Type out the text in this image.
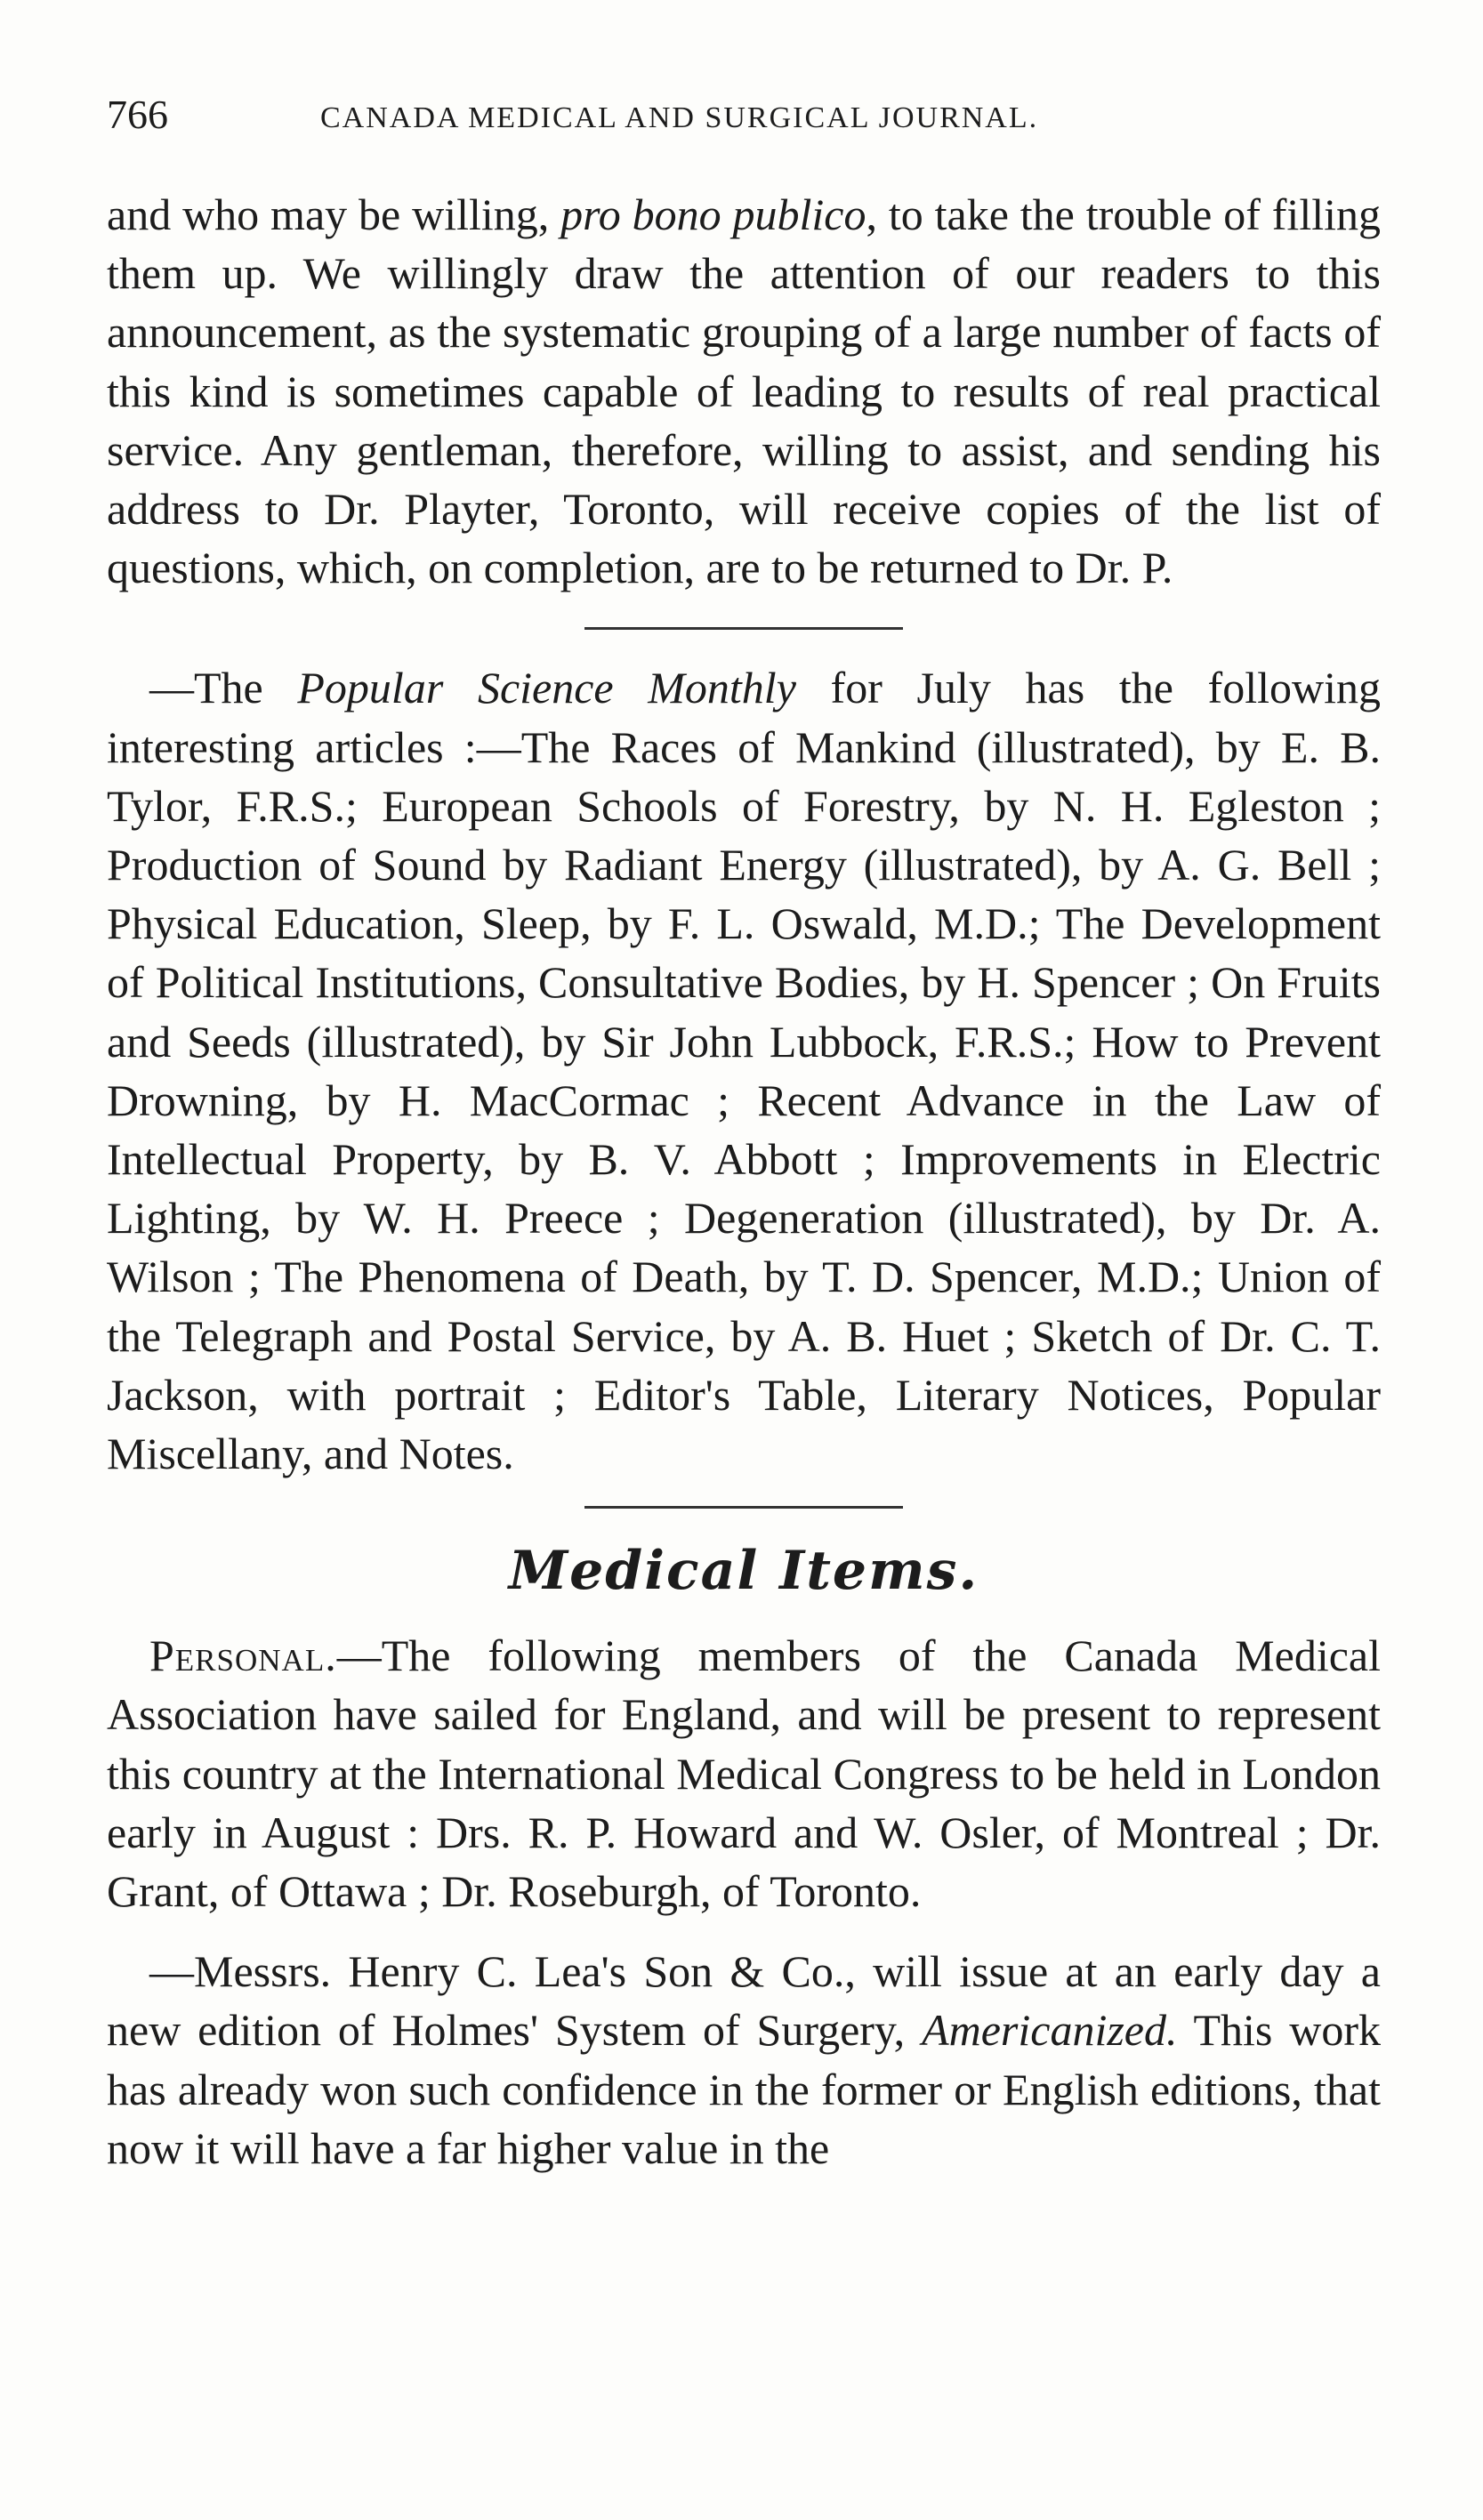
766	CANADA MEDICAL AND SURGICAL JOURNAL.

and who may be willing, pro bono publico, to take the trouble of filling them up. We willingly draw the attention of our readers to this announcement, as the systematic grouping of a large number of facts of this kind is sometimes capable of leading to results of real practical service. Any gentleman, therefore, willing to assist, and sending his address to Dr. Playter, Toronto, will receive copies of the list of questions, which, on completion, are to be returned to Dr. P.

—The Popular Science Monthly for July has the following interesting articles :—The Races of Mankind (illustrated), by E. B. Tylor, F.R.S.; European Schools of Forestry, by N. H. Egleston ; Production of Sound by Radiant Energy (illustrated), by A. G. Bell ; Physical Education, Sleep, by F. L. Oswald, M.D.; The Development of Political Institutions, Consultative Bodies, by H. Spencer ; On Fruits and Seeds (illustrated), by Sir John Lubbock, F.R.S.; How to Prevent Drowning, by H. MacCormac ; Recent Advance in the Law of Intellectual Property, by B. V. Abbott ; Improvements in Electric Lighting, by W. H. Preece ; Degeneration (illustrated), by Dr. A. Wilson ; The Phenomena of Death, by T. D. Spencer, M.D.; Union of the Telegraph and Postal Service, by A. B. Huet ; Sketch of Dr. C. T. Jackson, with portrait ; Editor's Table, Literary Notices, Popular Miscellany, and Notes.

Medical Items.

Personal.—The following members of the Canada Medical Association have sailed for England, and will be present to represent this country at the International Medical Congress to be held in London early in August : Drs. R. P. Howard and W. Osler, of Montreal ; Dr. Grant, of Ottawa ; Dr. Roseburgh, of Toronto.

—Messrs. Henry C. Lea's Son & Co., will issue at an early day a new edition of Holmes' System of Surgery, Americanized. This work has already won such confidence in the former or English editions, that now it will have a far higher value in the
